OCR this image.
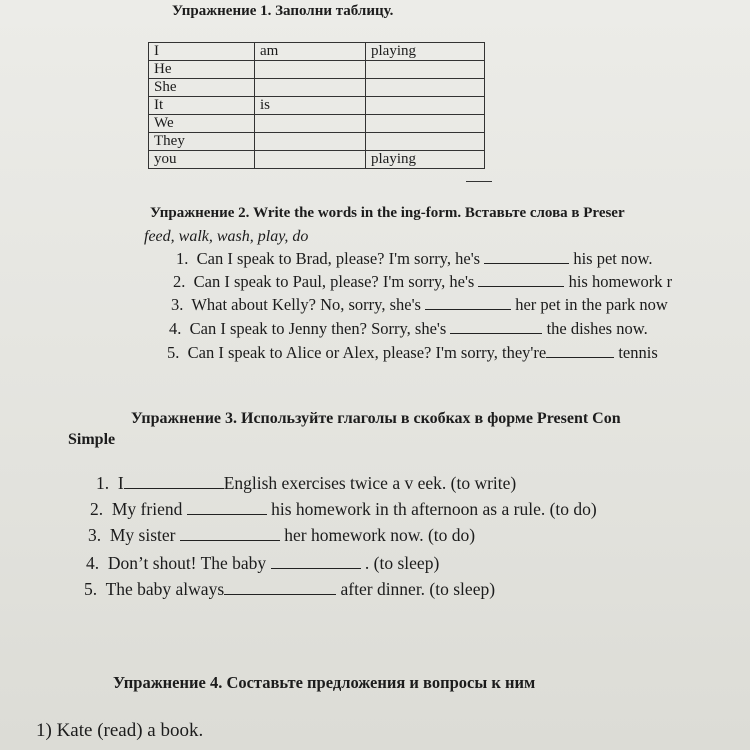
Упражнение 1. Заполни таблицу.
I	am	playing
He		
She		
It	is	
We		
They		
you		playing
Упражнение 2. Write the words in the ing-form. Вставьте слова в Preser
feed, walk, wash, play, do
1. Can I speak to Brad, please? I'm sorry, he's	his pet now.
2. Can I speak to Paul, please? I'm sorry, he's	his homework r
3. What about Kelly? No, sorry, she's	her pet in the park now
4. Can I speak to Jenny then? Sorry, she's	the dishes now.
5. Can I speak to Alice or Alex, please? I'm sorry, they're	tennis
Упражнение 3. Используйте глаголы в скобках в форме Present Con
Simple
1. I	English exercises twice a v eek. (to write)
2. My friend	his homework in th afternoon as a rule. (to do)
3. My sister	her homework now. (to do)
4. Don’t shout! The baby	. (to sleep)
5. The baby always	after dinner. (to sleep)
Упражнение 4. Составьте предложения и вопросы к ним
1) Kate (read) a book.
